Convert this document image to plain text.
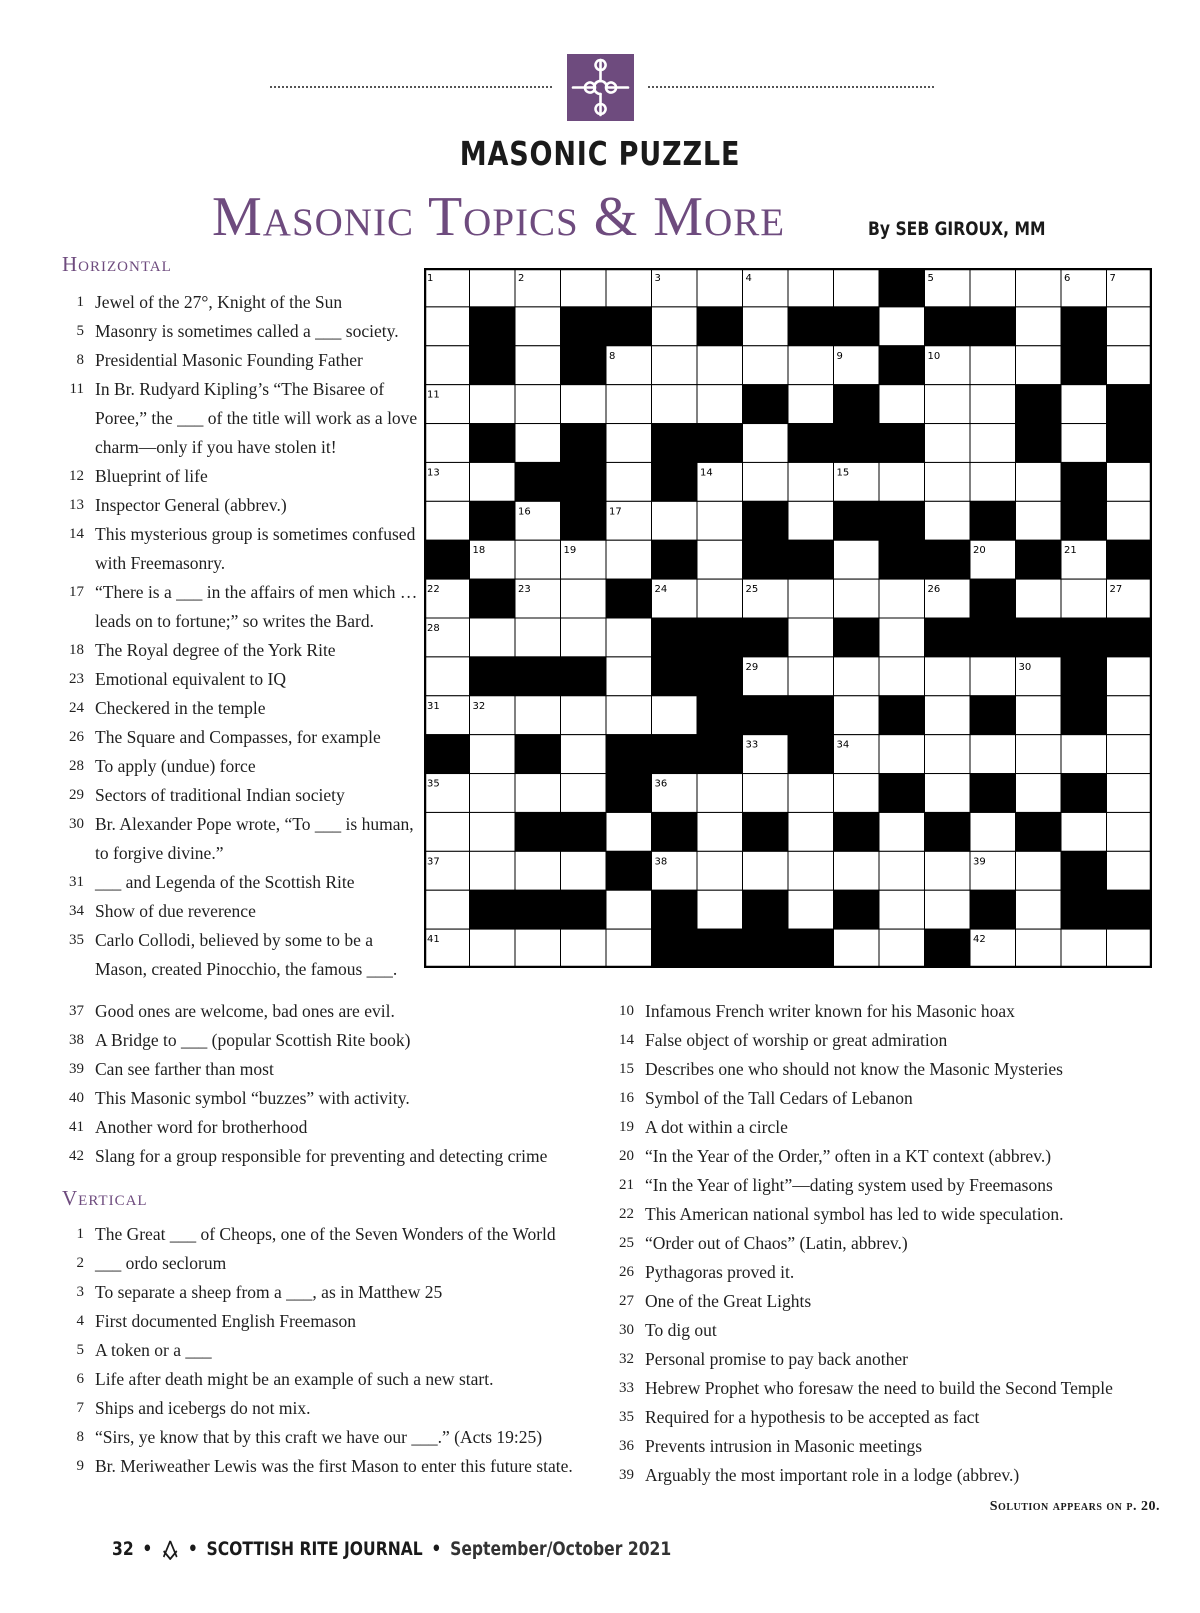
MASONIC PUZZLE
Masonic Topics & More	By SEB GIROUX, MM
Horizontal
1 Jewel of the 27°, Knight of the Sun
5 Masonry is sometimes called a ___ society.
8 Presidential Masonic Founding Father
11 In Br. Rudyard Kipling’s “The Bisaree of Poree,” the ___ of the title will work as a love charm—only if you have stolen it!
12 Blueprint of life
13 Inspector General (abbrev.)
14 This mysterious group is sometimes confused with Freemasonry.
17 “There is a ___ in the affairs of men which … leads on to fortune;” so writes the Bard.
18 The Royal degree of the York Rite
23 Emotional equivalent to IQ
24 Checkered in the temple
26 The Square and Compasses, for example
28 To apply (undue) force
29 Sectors of traditional Indian society
30 Br. Alexander Pope wrote, “To ___ is human, to forgive divine.”
31 ___ and Legenda of the Scottish Rite
34 Show of due reverence
35 Carlo Collodi, believed by some to be a Mason, created Pinocchio, the famous ___.
37 Good ones are welcome, bad ones are evil.
38 A Bridge to ___ (popular Scottish Rite book)
39 Can see farther than most
40 This Masonic symbol “buzzes” with activity.
41 Another word for brotherhood
42 Slang for a group responsible for preventing and detecting crime
Vertical
1 The Great ___ of Cheops, one of the Seven Wonders of the World
2 ___ ordo seclorum
3 To separate a sheep from a ___, as in Matthew 25
4 First documented English Freemason
5 A token or a ___
6 Life after death might be an example of such a new start.
7 Ships and icebergs do not mix.
8 “Sirs, ye know that by this craft we have our ___.” (Acts 19:25)
9 Br. Meriweather Lewis was the first Mason to enter this future state.
10 Infamous French writer known for his Masonic hoax
14 False object of worship or great admiration
15 Describes one who should not know the Masonic Mysteries
16 Symbol of the Tall Cedars of Lebanon
19 A dot within a circle
20 “In the Year of the Order,” often in a KT context (abbrev.)
21 “In the Year of light”—dating system used by Freemasons
22 This American national symbol has led to wide speculation.
25 “Order out of Chaos” (Latin, abbrev.)
26 Pythagoras proved it.
27 One of the Great Lights
30 To dig out
32 Personal promise to pay back another
33 Hebrew Prophet who foresaw the need to build the Second Temple
35 Required for a hypothesis to be accepted as fact
36 Prevents intrusion in Masonic meetings
39 Arguably the most important role in a lodge (abbrev.)
1	2	3	4	5	6	7
8	9	10
11	12
13	14	15
16	17
18	19	20	21
22	23	24	25	26	27
28
29	30
31	32
33	34
35	36
37	38	39
40
41	42
Solution appears on p. 20.
32 • • SCOTTISH RITE JOURNAL • September/October 2021
